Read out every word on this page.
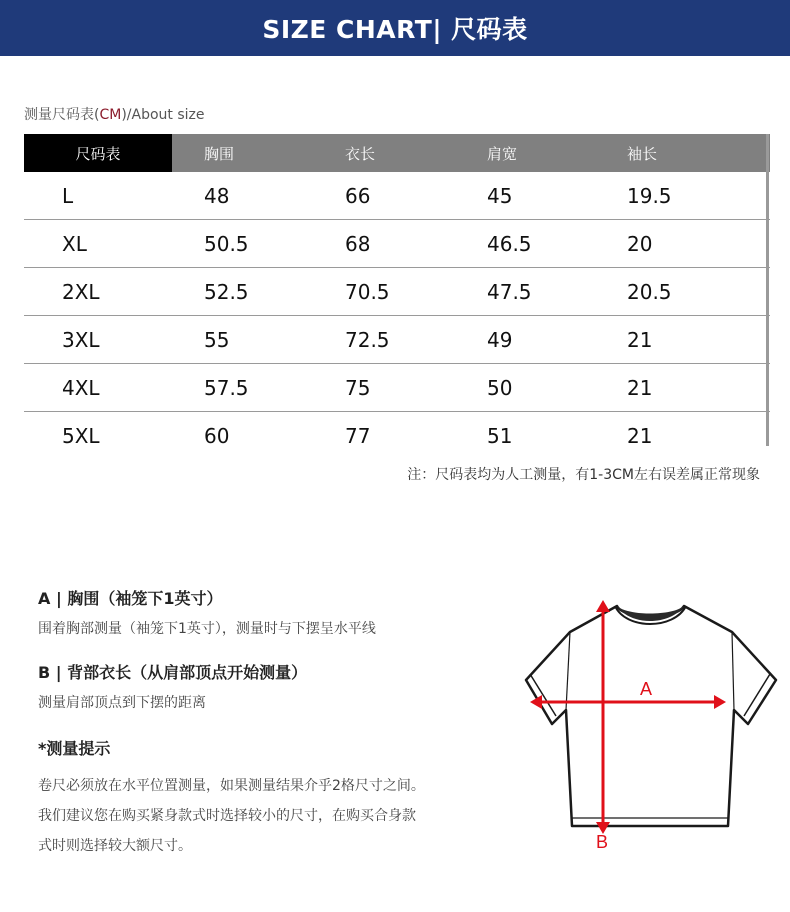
SIZE CHART| 尺码表
测量尺码表(CM)/About size
尺码表	胸围	衣长	肩宽	袖长
L	48	66	45	19.5
XL	50.5	68	46.5	20
2XL	52.5	70.5	47.5	20.5
3XL	55	72.5	49	21
4XL	57.5	75	50	21
5XL	60	77	51	21
注：尺码表均为人工测量，有1-3CM左右误差属正常现象
A | 胸围（袖笼下1英寸）
围着胸部测量（袖笼下1英寸），测量时与下摆呈水平线
B | 背部衣长（从肩部顶点开始测量）
测量肩部顶点到下摆的距离
*测量提示
卷尺必须放在水平位置测量，如果测量结果介乎2格尺寸之间。
我们建议您在购买紧身款式时选择较小的尺寸，在购买合身款
式时则选择较大额尺寸。
A
B
